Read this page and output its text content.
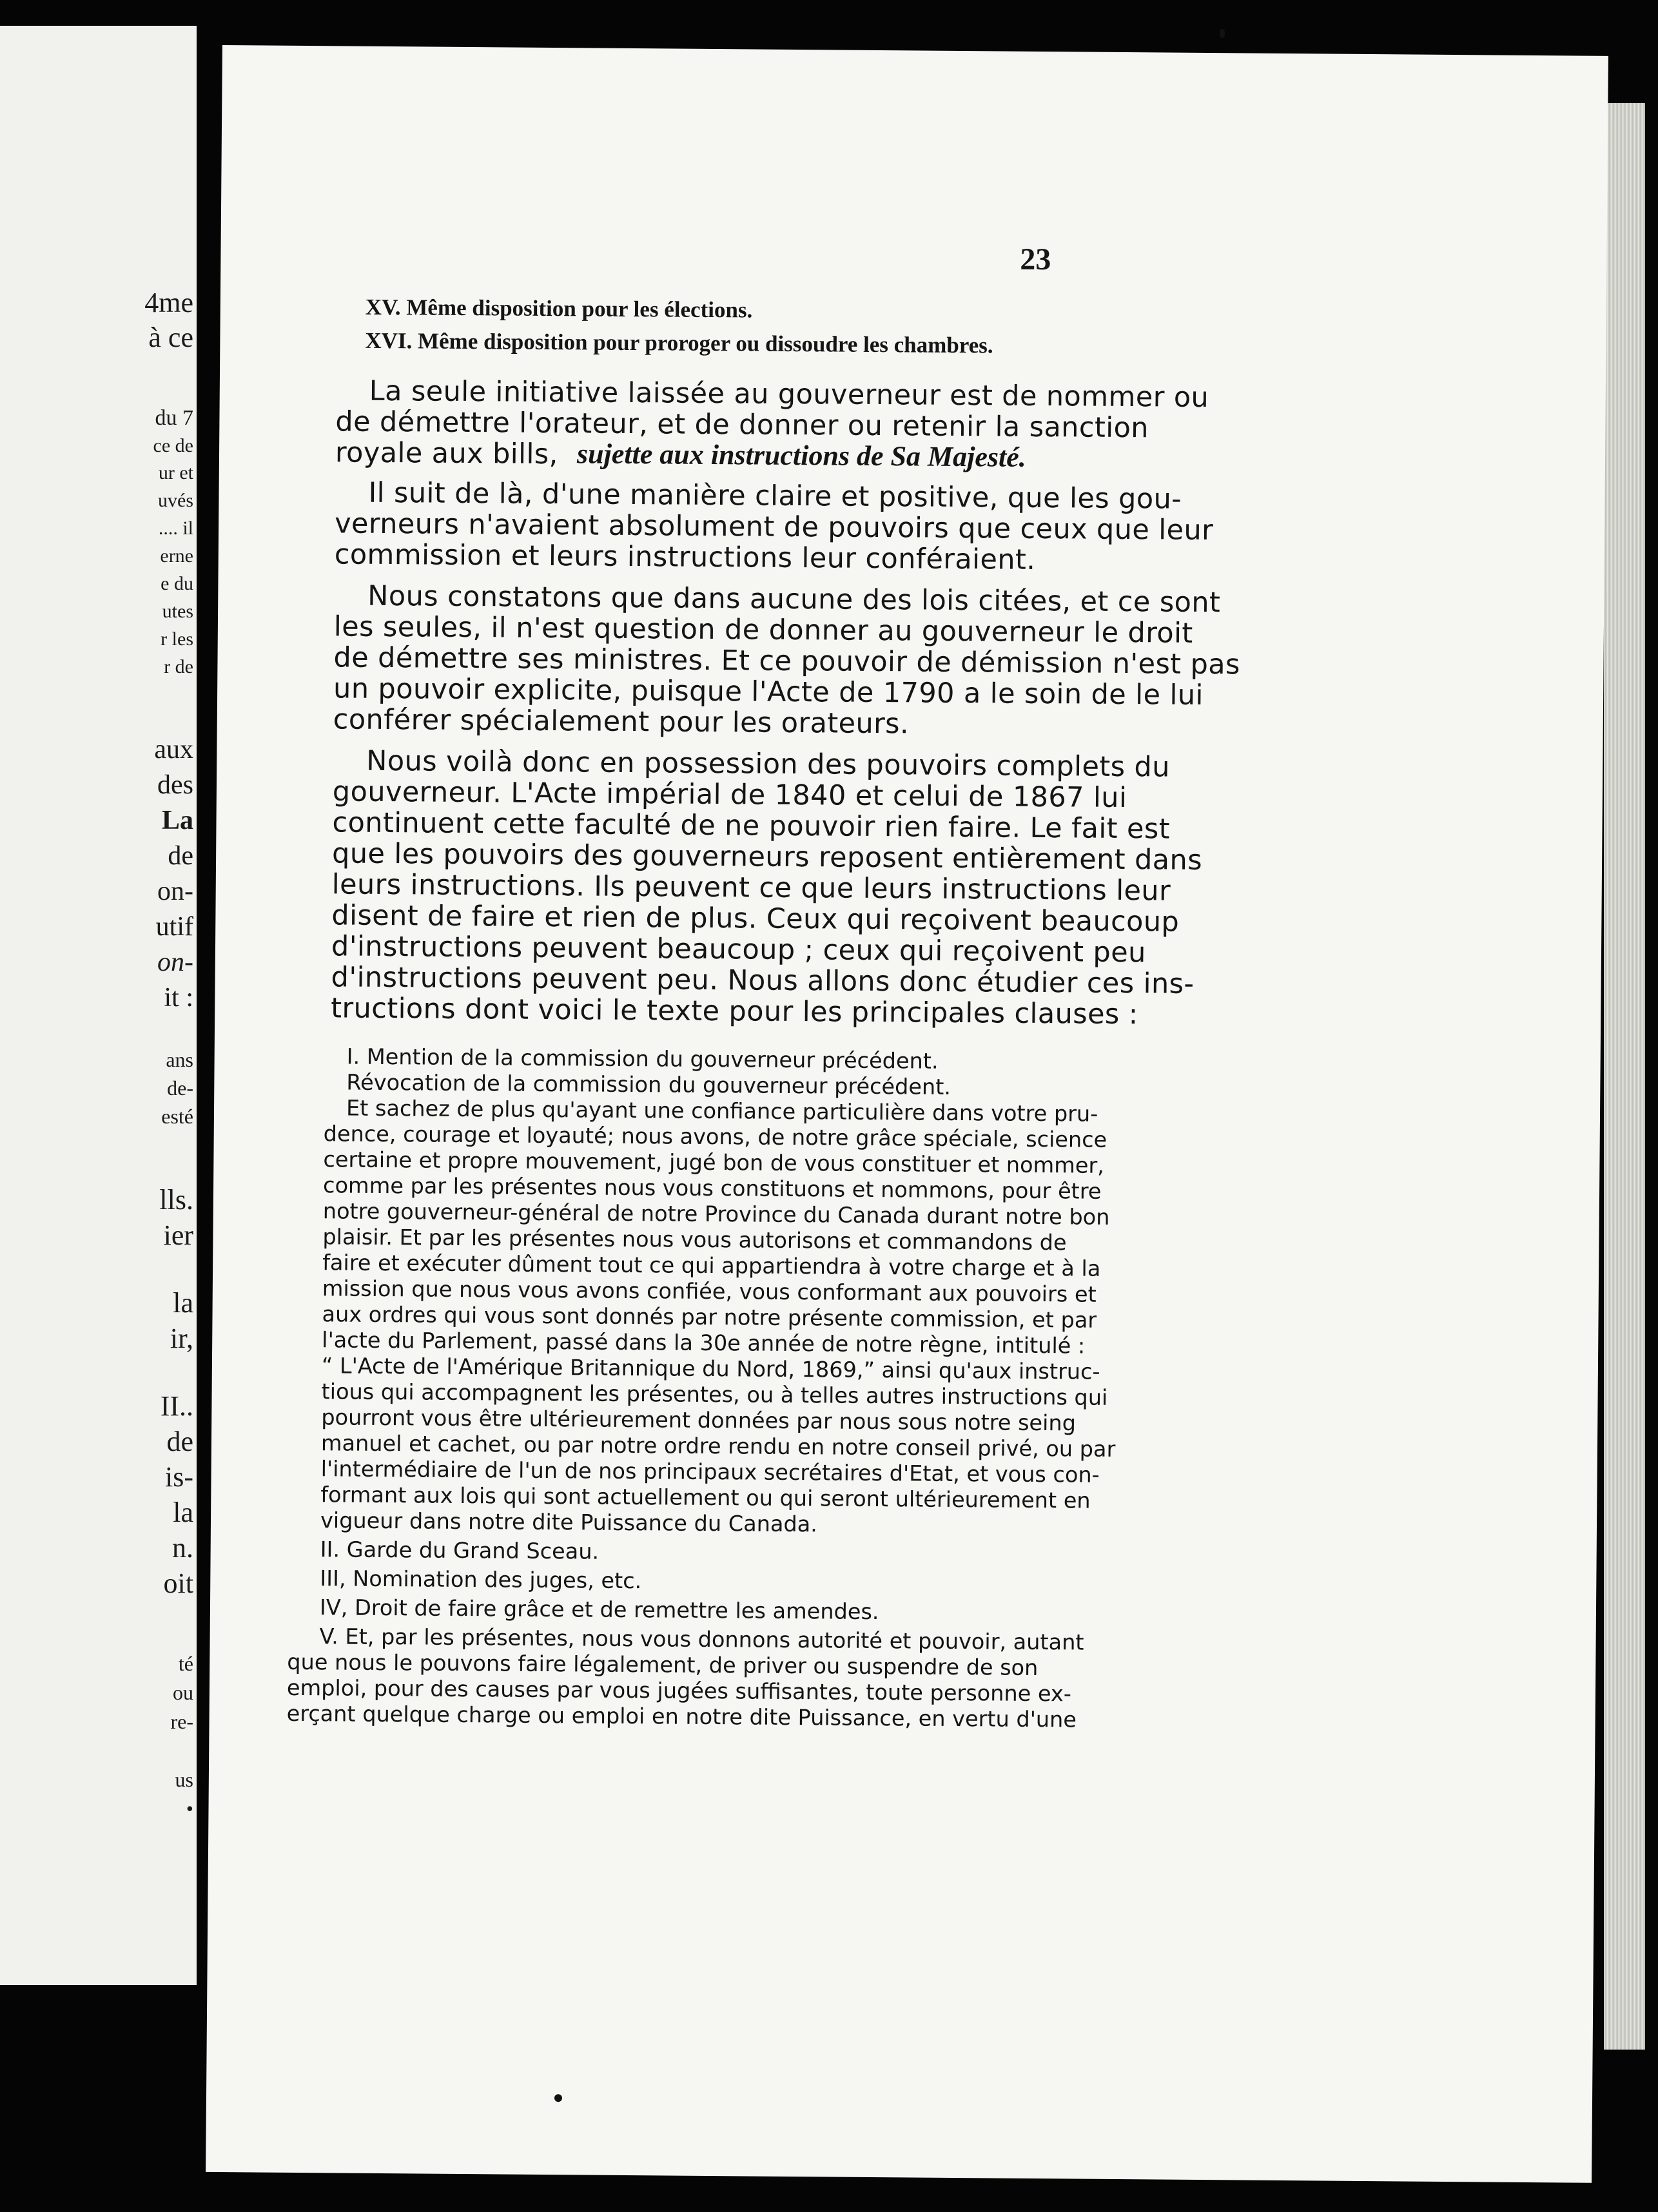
4me
à ce
du 7
ce de
ur et
uvés
.... il
erne
e du
utes
r les
r de
aux
des
La
de
on-
utif
on-
it :
ans
de-
esté
lls.
ier
la
ir,
II..
de
is-
la
n.
oit
té
ou
re-
us
•
23
XV. Même disposition pour les élections.
XVI. Même disposition pour proroger ou dissoudre les chambres.
La seule initiative laissée au gouverneur est de nommer ou
de démettre l'orateur, et de donner ou retenir la sanction
royale aux bills, sujette aux instructions de Sa Majesté.
Il suit de là, d'une manière claire et positive, que les gou-
verneurs n'avaient absolument de pouvoirs que ceux que leur
commission et leurs instructions leur conféraient.
Nous constatons que dans aucune des lois citées, et ce sont
les seules, il n'est question de donner au gouverneur le droit
de démettre ses ministres. Et ce pouvoir de démission n'est pas
un pouvoir explicite, puisque l'Acte de 1790 a le soin de le lui
conférer spécialement pour les orateurs.
Nous voilà donc en possession des pouvoirs complets du
gouverneur. L'Acte impérial de 1840 et celui de 1867 lui
continuent cette faculté de ne pouvoir rien faire. Le fait est
que les pouvoirs des gouverneurs reposent entièrement dans
leurs instructions. Ils peuvent ce que leurs instructions leur
disent de faire et rien de plus. Ceux qui reçoivent beaucoup
d'instructions peuvent beaucoup ; ceux qui reçoivent peu
d'instructions peuvent peu. Nous allons donc étudier ces ins-
tructions dont voici le texte pour les principales clauses :
I. Mention de la commission du gouverneur précédent.
Révocation de la commission du gouverneur précédent.
Et sachez de plus qu'ayant une confiance particulière dans votre pru-
dence, courage et loyauté; nous avons, de notre grâce spéciale, science
certaine et propre mouvement, jugé bon de vous constituer et nommer,
comme par les présentes nous vous constituons et nommons, pour être
notre gouverneur-général de notre Province du Canada durant notre bon
plaisir. Et par les présentes nous vous autorisons et commandons de
faire et exécuter dûment tout ce qui appartiendra à votre charge et à la
mission que nous vous avons confiée, vous conformant aux pouvoirs et
aux ordres qui vous sont donnés par notre présente commission, et par
l'acte du Parlement, passé dans la 30e année de notre règne, intitulé :
“ L'Acte de l'Amérique Britannique du Nord, 1869,” ainsi qu'aux instruc-
tious qui accompagnent les présentes, ou à telles autres instructions qui
pourront vous être ultérieurement données par nous sous notre seing
manuel et cachet, ou par notre ordre rendu en notre conseil privé, ou par
l'intermédiaire de l'un de nos principaux secrétaires d'Etat, et vous con-
formant aux lois qui sont actuellement ou qui seront ultérieurement en
vigueur dans notre dite Puissance du Canada.
II. Garde du Grand Sceau.
III, Nomination des juges, etc.
IV, Droit de faire grâce et de remettre les amendes.
V. Et, par les présentes, nous vous donnons autorité et pouvoir, autant
que nous le pouvons faire légalement, de priver ou suspendre de son
emploi, pour des causes par vous jugées suffisantes, toute personne ex-
erçant quelque charge ou emploi en notre dite Puissance, en vertu d'une
